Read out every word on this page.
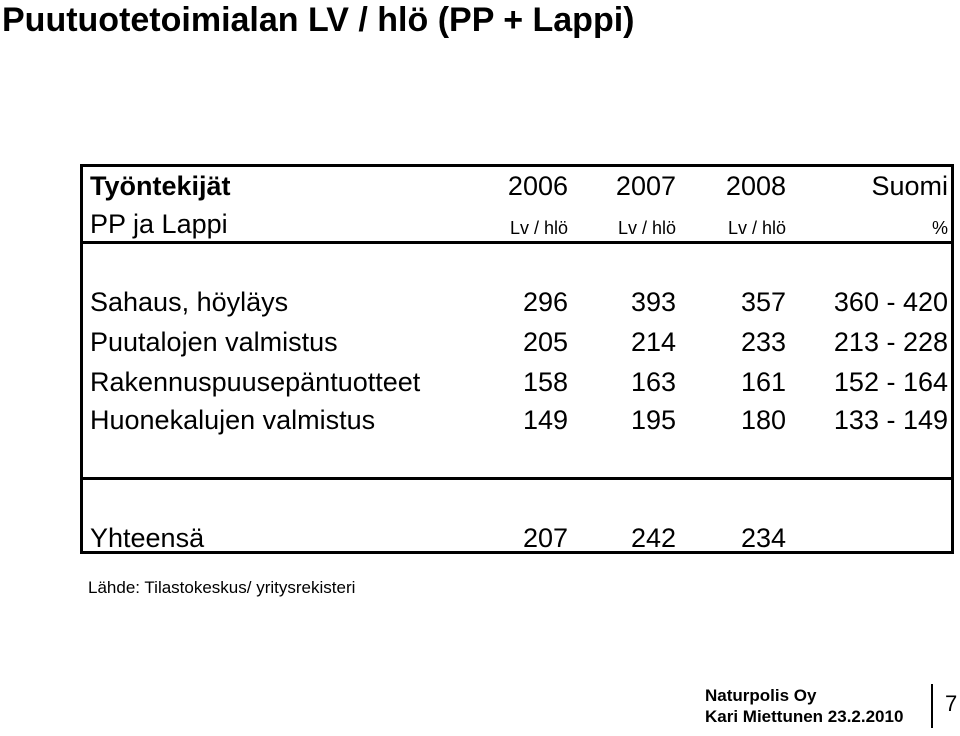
Puutuotetoimialan LV / hlö (PP + Lappi)
Työntekijät	2006	2007	2008	Suomi
PP ja Lappi	Lv / hlö	Lv / hlö	Lv / hlö	%
Sahaus, höyläys	296	393	357	360 - 420
Puutalojen valmistus	205	214	233	213 - 228
Rakennuspuusepäntuotteet	158	163	161	152 - 164
Huonekalujen valmistus	149	195	180	133 - 149
Yhteensä	207	242	234
Lähde: Tilastokeskus/ yritysrekisteri
Naturpolis Oy
Kari Miettunen 23.2.2010
7
